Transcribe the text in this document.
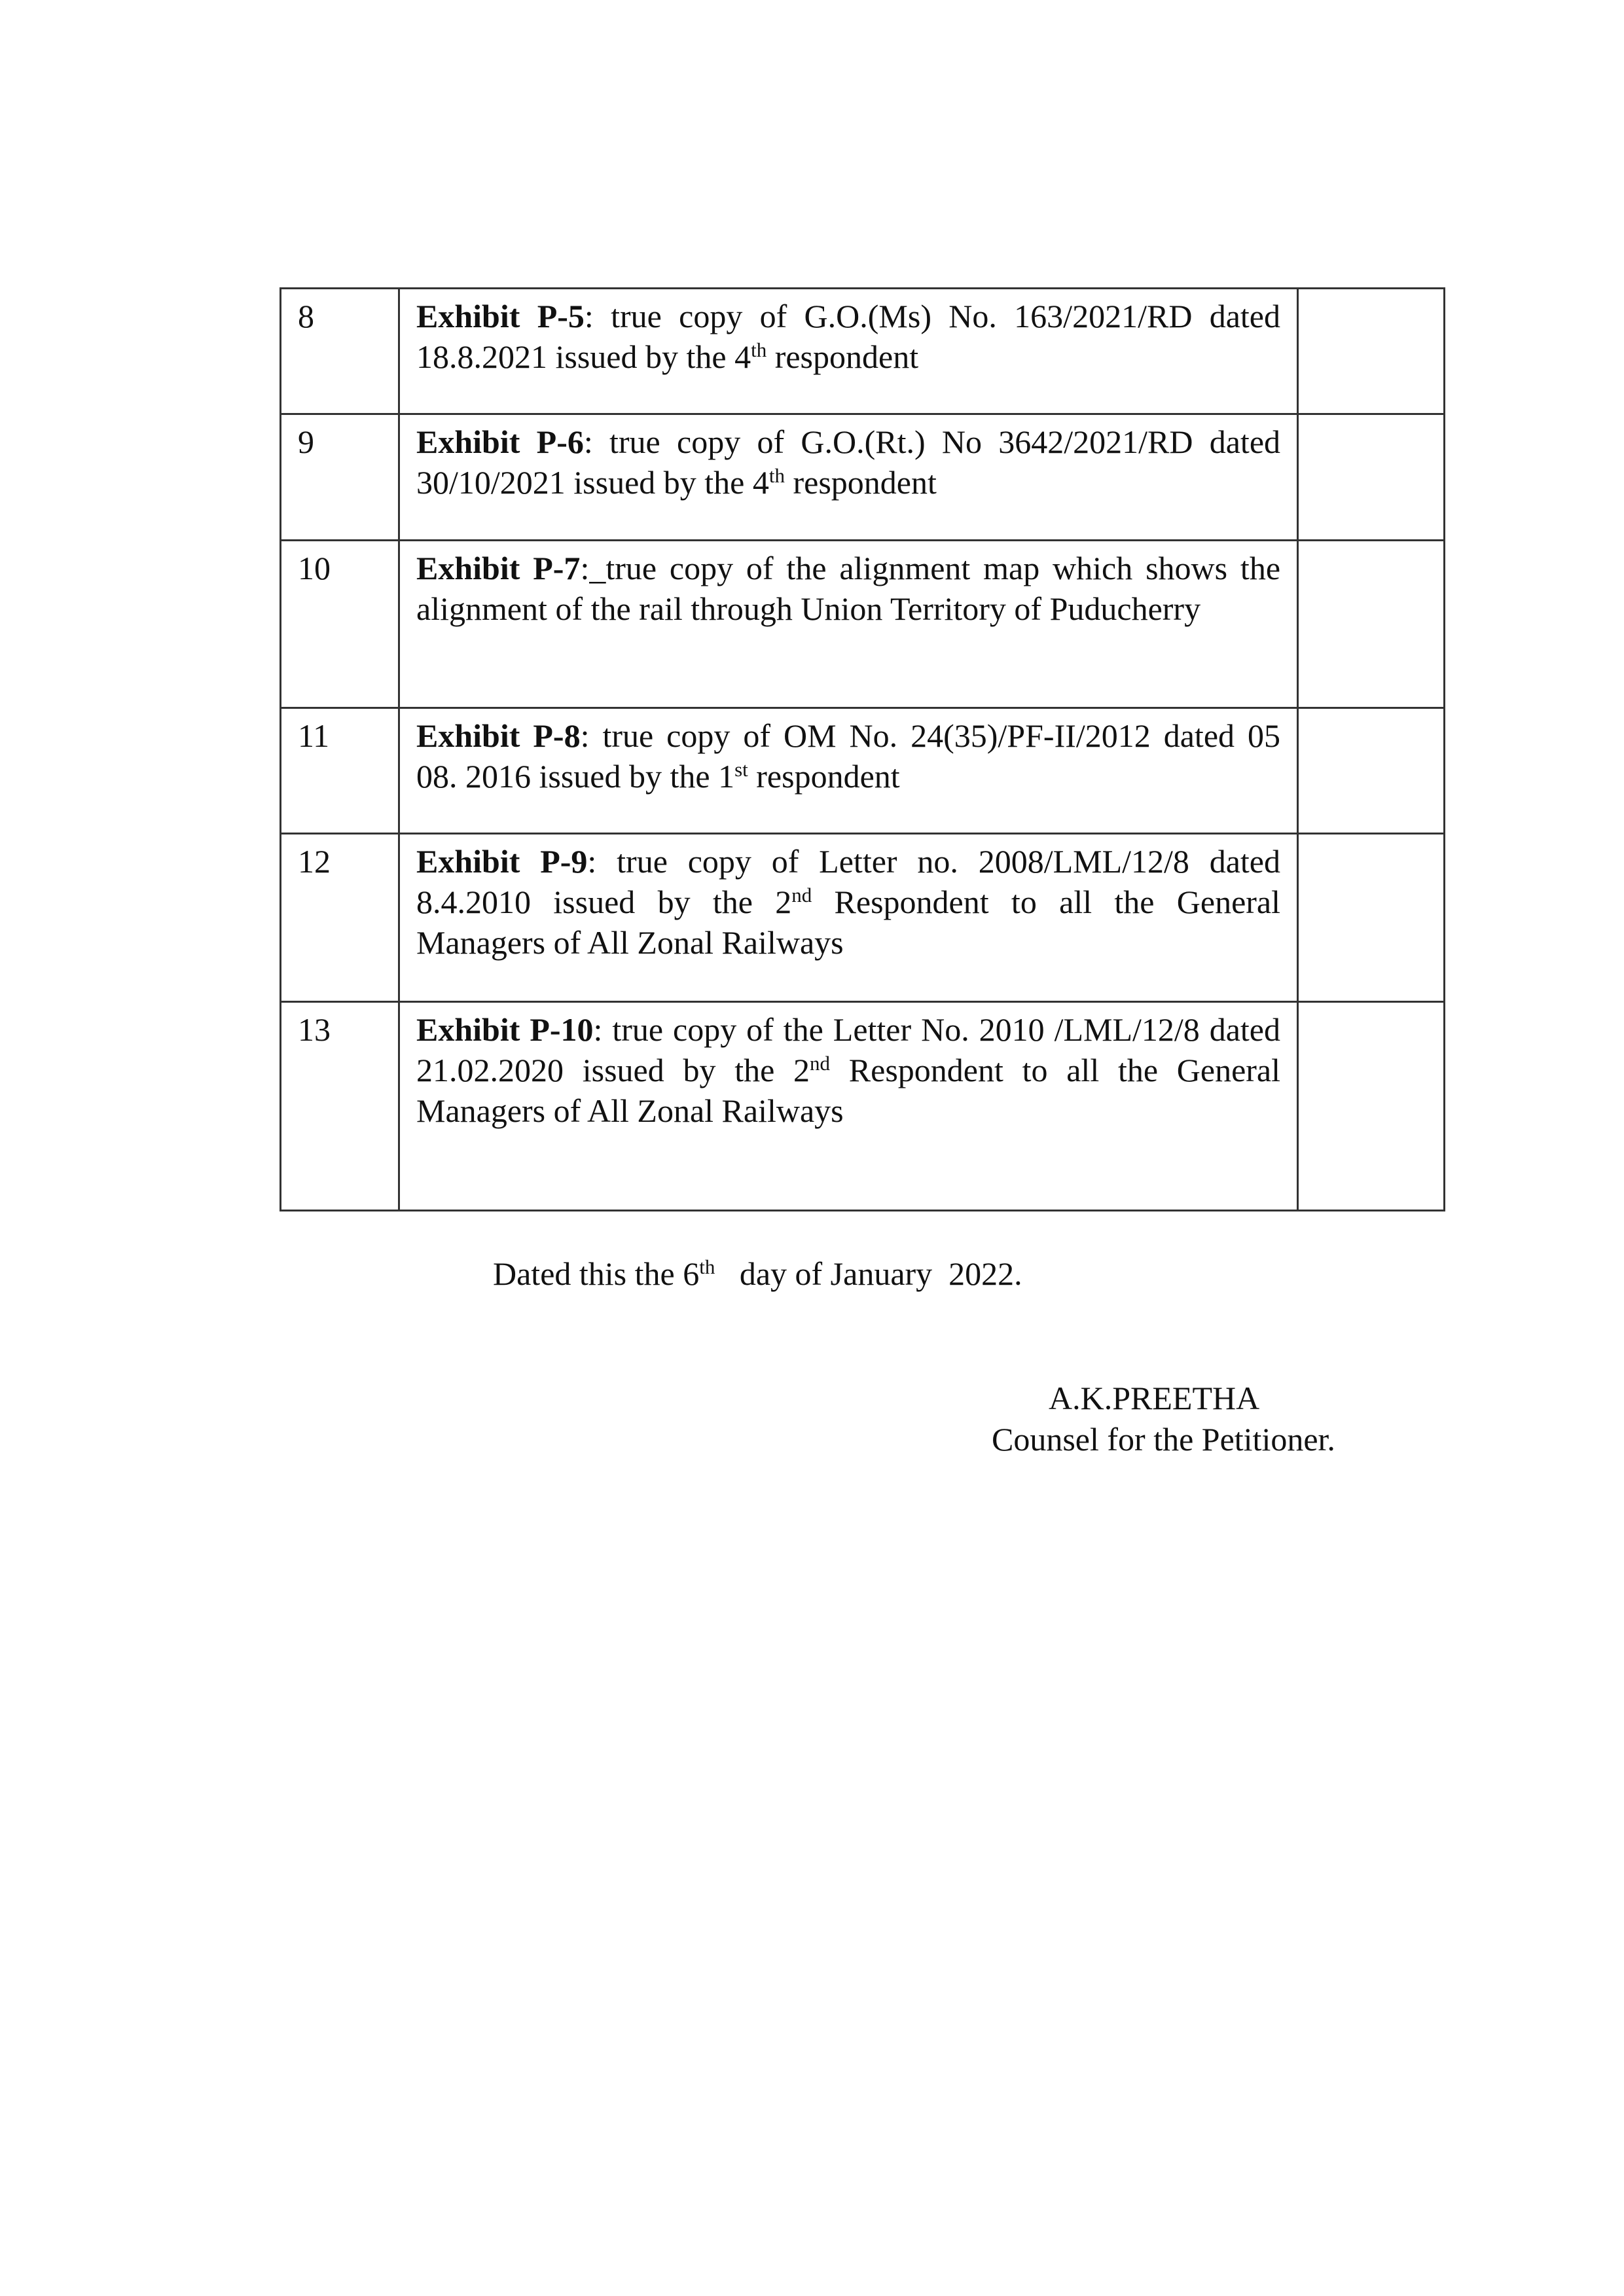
8	Exhibit P-5: true copy of G.O.(Ms) No. 163/2021/RD dated 18.8.2021 issued by the 4th respondent	
9	Exhibit P-6: true copy of G.O.(Rt.) No 3642/2021/RD dated 30/10/2021 issued by the 4th respondent	
10	Exhibit P-7:_true copy of the alignment map which shows the alignment of the rail through Union Territory of Puducherry	
11	Exhibit P-8: true copy of OM No. 24(35)/PF-II/2012 dated 05 08. 2016 issued by the 1st respondent	
12	Exhibit P-9: true copy of Letter no. 2008/LML/12/8 dated 8.4.2010 issued by the 2nd Respondent to all the General Managers of All Zonal Railways	
13	Exhibit P-10: true copy of the Letter No. 2010 /LML/12/8 dated 21.02.2020 issued by the 2nd Respondent to all the General Managers of All Zonal Railways	
Dated this the 6th   day of January  2022.
A.K.PREETHA
Counsel for the Petitioner.
